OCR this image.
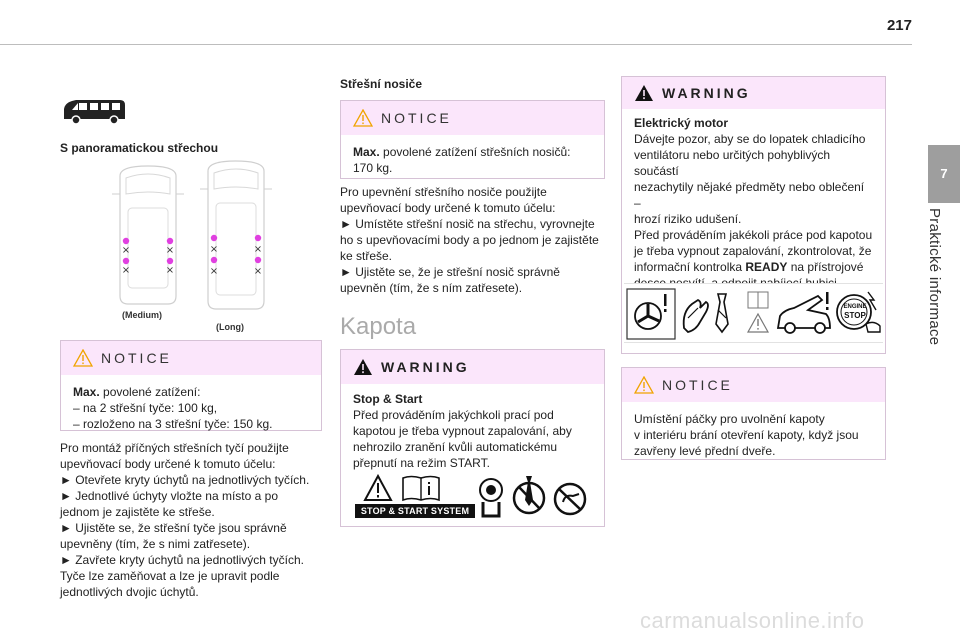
217
7
Praktické informace
S panoramatickou střechou
×	×
×	×
×	×
×	×
(Medium)
(Long)
NOTICE
Max. povolené zatížení:
– na 2 střešní tyče: 100 kg,
– rozloženo na 3 střešní tyče: 150 kg.
Pro montáž příčných střešních tyčí použijte
upevňovací body určené k tomuto účelu:
► Otevřete kryty úchytů na jednotlivých tyčích.
► Jednotlivé úchyty vložte na místo a po
jednom je zajistěte ke střeše.
► Ujistěte se, že střešní tyče jsou správně
upevněny (tím, že s nimi zatřesete).
► Zavřete kryty úchytů na jednotlivých tyčích.
Tyče lze zaměňovat a lze je upravit podle
jednotlivých dvojic úchytů.
Střešní nosiče
NOTICE
Max. povolené zatížení střešních nosičů:
170 kg.
Pro upevnění střešního nosiče použijte
upevňovací body určené k tomuto účelu:
► Umístěte střešní nosič na střechu, vyrovnejte
ho s upevňovacími body a po jednom je zajistěte
ke střeše.
► Ujistěte se, že je střešní nosič správně
upevněn (tím, že s ním zatřesete).
Kapota
WARNING
Stop & Start
Před prováděním jakýchkoli prací pod
kapotou je třeba vypnout zapalování, aby
nehrozilo zranění kvůli automatickému
přepnutí na režim START.
STOP & START SYSTEM
WARNING
Elektrický motor
Dávejte pozor, aby se do lopatek chladicího
ventilátoru nebo určitých pohyblivých součástí
nezachytily nějaké předměty nebo oblečení –
hrozí riziko udušení.
Před prováděním jakékoli práce pod kapotou
je třeba vypnout zapalování, zkontrolovat, že
informační kontrolka READY na přístrojové
ENGINE
STOP
NOTICE
Umístění páčky pro uvolnění kapoty
v interiéru brání otevření kapoty, když jsou
zavřeny levé přední dveře.
carmanualsonline.info
